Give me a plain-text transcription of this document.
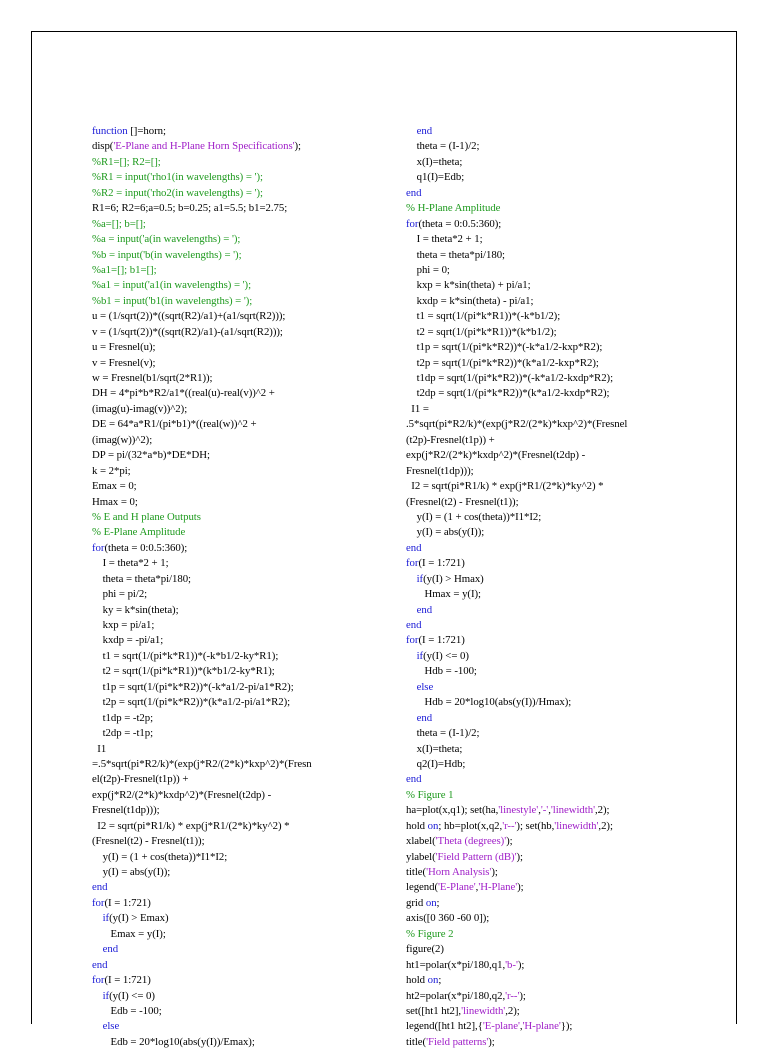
function []=horn;
disp('E-Plane and H-Plane Horn Specifications');
%R1=[]; R2=[];
%R1 = input('rho1(in wavelengths) = ');
%R2 = input('rho2(in wavelengths) = ');
R1=6; R2=6;a=0.5; b=0.25; a1=5.5; b1=2.75;
%a=[]; b=[];
%a = input('a(in wavelengths) = ');
%b = input('b(in wavelengths) = ');
%a1=[]; b1=[];
%a1 = input('a1(in wavelengths) = ');
%b1 = input('b1(in wavelengths) = ');
u = (1/sqrt(2))*((sqrt(R2)/a1)+(a1/sqrt(R2)));
v = (1/sqrt(2))*((sqrt(R2)/a1)-(a1/sqrt(R2)));
u = Fresnel(u);
v = Fresnel(v);
w = Fresnel(b1/sqrt(2*R1));
DH = 4*pi*b*R2/a1*((real(u)-real(v))^2 +
(imag(u)-imag(v))^2);
DE = 64*a*R1/(pi*b1)*((real(w))^2 +
(imag(w))^2);
DP = pi/(32*a*b)*DE*DH;
k = 2*pi;
Emax = 0;
Hmax = 0;
% E and H plane Outputs
% E-Plane Amplitude
for(theta = 0:0.5:360);
I = theta*2 + 1;
theta = theta*pi/180;
phi = pi/2;
ky = k*sin(theta);
kxp = pi/a1;
kxdp = -pi/a1;
t1 = sqrt(1/(pi*k*R1))*(-k*b1/2-ky*R1);
t2 = sqrt(1/(pi*k*R1))*(k*b1/2-ky*R1);
t1p = sqrt(1/(pi*k*R2))*(-k*a1/2-pi/a1*R2);
t2p = sqrt(1/(pi*k*R2))*(k*a1/2-pi/a1*R2);
t1dp = -t2p;
t2dp = -t1p;
I1
=.5*sqrt(pi*R2/k)*(exp(j*R2/(2*k)*kxp^2)*(Fresn
el(t2p)-Fresnel(t1p)) +
exp(j*R2/(2*k)*kxdp^2)*(Fresnel(t2dp) -
Fresnel(t1dp)));
I2 = sqrt(pi*R1/k) * exp(j*R1/(2*k)*ky^2) *
(Fresnel(t2) - Fresnel(t1));
y(I) = (1 + cos(theta))*I1*I2;
y(I) = abs(y(I));
end
for(I = 1:721)
if(y(I) > Emax)
Emax = y(I);
end
end
for(I = 1:721)
if(y(I) <= 0)
Edb = -100;
else
Edb = 20*log10(abs(y(I))/Emax);
end
theta = (I-1)/2;
x(I)=theta;
q1(I)=Edb;
end
% H-Plane Amplitude
for(theta = 0:0.5:360);
I = theta*2 + 1;
theta = theta*pi/180;
phi = 0;
kxp = k*sin(theta) + pi/a1;
kxdp = k*sin(theta) - pi/a1;
t1 = sqrt(1/(pi*k*R1))*(-k*b1/2);
t2 = sqrt(1/(pi*k*R1))*(k*b1/2);
t1p = sqrt(1/(pi*k*R2))*(-k*a1/2-kxp*R2);
t2p = sqrt(1/(pi*k*R2))*(k*a1/2-kxp*R2);
t1dp = sqrt(1/(pi*k*R2))*(-k*a1/2-kxdp*R2);
t2dp = sqrt(1/(pi*k*R2))*(k*a1/2-kxdp*R2);
I1 =
.5*sqrt(pi*R2/k)*(exp(j*R2/(2*k)*kxp^2)*(Fresnel
(t2p)-Fresnel(t1p)) +
exp(j*R2/(2*k)*kxdp^2)*(Fresnel(t2dp) -
Fresnel(t1dp)));
I2 = sqrt(pi*R1/k) * exp(j*R1/(2*k)*ky^2) *
(Fresnel(t2) - Fresnel(t1));
y(I) = (1 + cos(theta))*I1*I2;
y(I) = abs(y(I));
end
for(I = 1:721)
if(y(I) > Hmax)
Hmax = y(I);
end
end
for(I = 1:721)
if(y(I) <= 0)
Hdb = -100;
else
Hdb = 20*log10(abs(y(I))/Hmax);
end
theta = (I-1)/2;
x(I)=theta;
q2(I)=Hdb;
end
% Figure 1
ha=plot(x,q1); set(ha,'linestyle','-','linewidth',2);
hold on; hb=plot(x,q2,'r--'); set(hb,'linewidth',2);
xlabel('Theta (degrees)');
ylabel('Field Pattern (dB)');
title('Horn Analysis');
legend('E-Plane','H-Plane');
grid on;
axis([0 360 -60 0]);
% Figure 2
figure(2)
ht1=polar(x*pi/180,q1,'b-');
hold on;
ht2=polar(x*pi/180,q2,'r--');
set([ht1 ht2],'linewidth',2);
legend([ht1 ht2],{'E-plane','H-plane'});
title('Field patterns');
